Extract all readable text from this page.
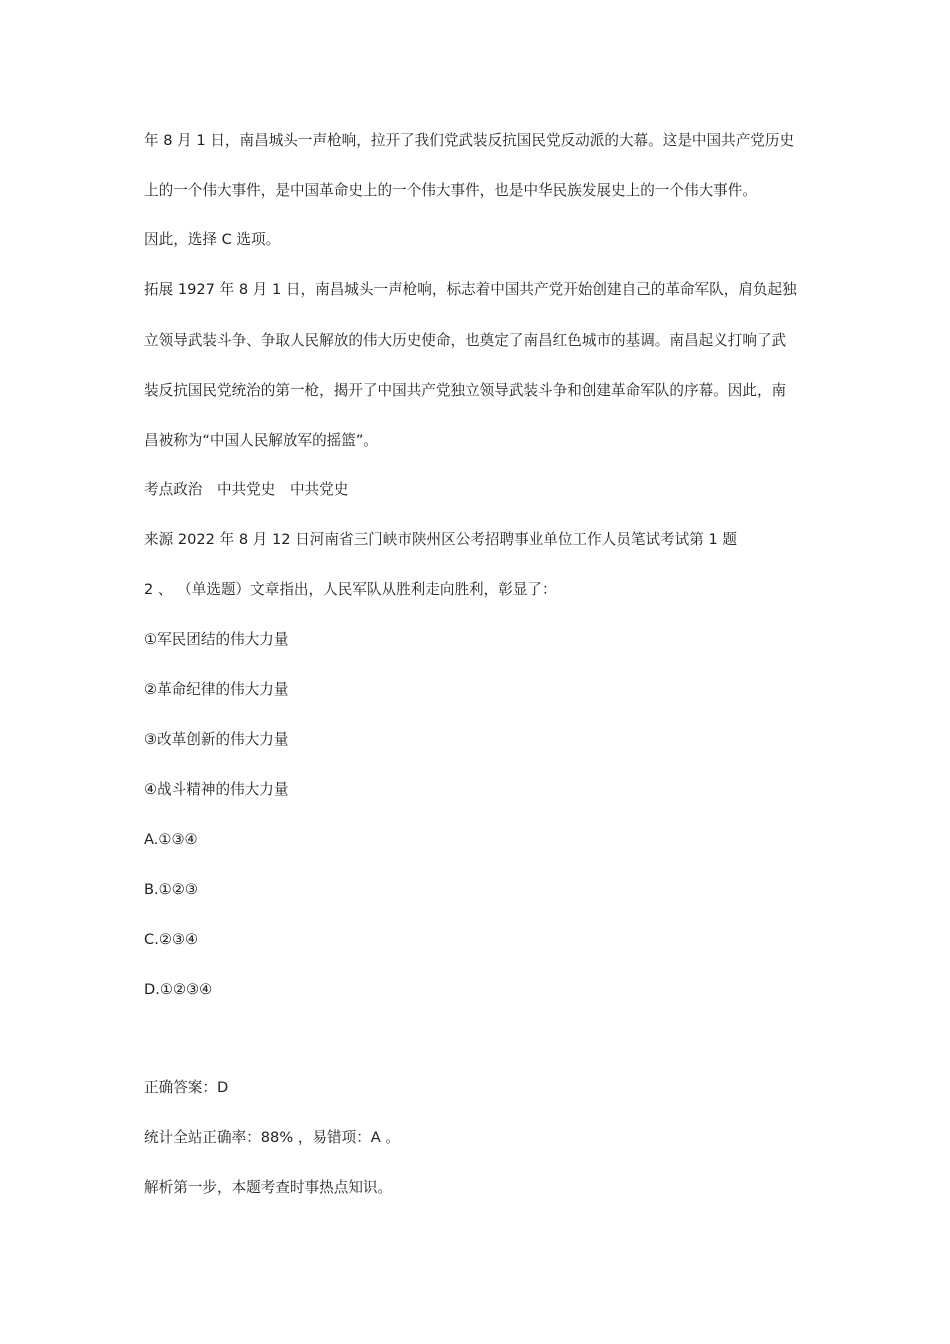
年 8 月 1 日，南昌城头一声枪响，拉开了我们党武装反抗国民党反动派的大幕。这是中国共产党历史
上的一个伟大事件，是中国革命史上的一个伟大事件，也是中华民族发展史上的一个伟大事件。
因此，选择 C 选项。
拓展 1927 年 8 月 1 日，南昌城头一声枪响，标志着中国共产党开始创建自己的革命军队，肩负起独
立领导武装斗争、争取人民解放的伟大历史使命，也奠定了南昌红色城市的基调。南昌起义打响了武
装反抗国民党统治的第一枪，揭开了中国共产党独立领导武装斗争和创建革命军队的序幕。因此，南
昌被称为“中国人民解放军的摇篮”。
考点政治　中共党史　中共党史
来源 2022 年 8 月 12 日河南省三门峡市陕州区公考招聘事业单位工作人员笔试考试第 1 题
2 、 （单选题）文章指出，人民军队从胜利走向胜利，彰显了：
①军民团结的伟大力量
②革命纪律的伟大力量
③改革创新的伟大力量
④战斗精神的伟大力量
A.①③④
B.①②③
C.②③④
D.①②③④
正确答案：D
统计全站正确率：88% ，易错项：A 。
解析第一步，本题考查时事热点知识。
